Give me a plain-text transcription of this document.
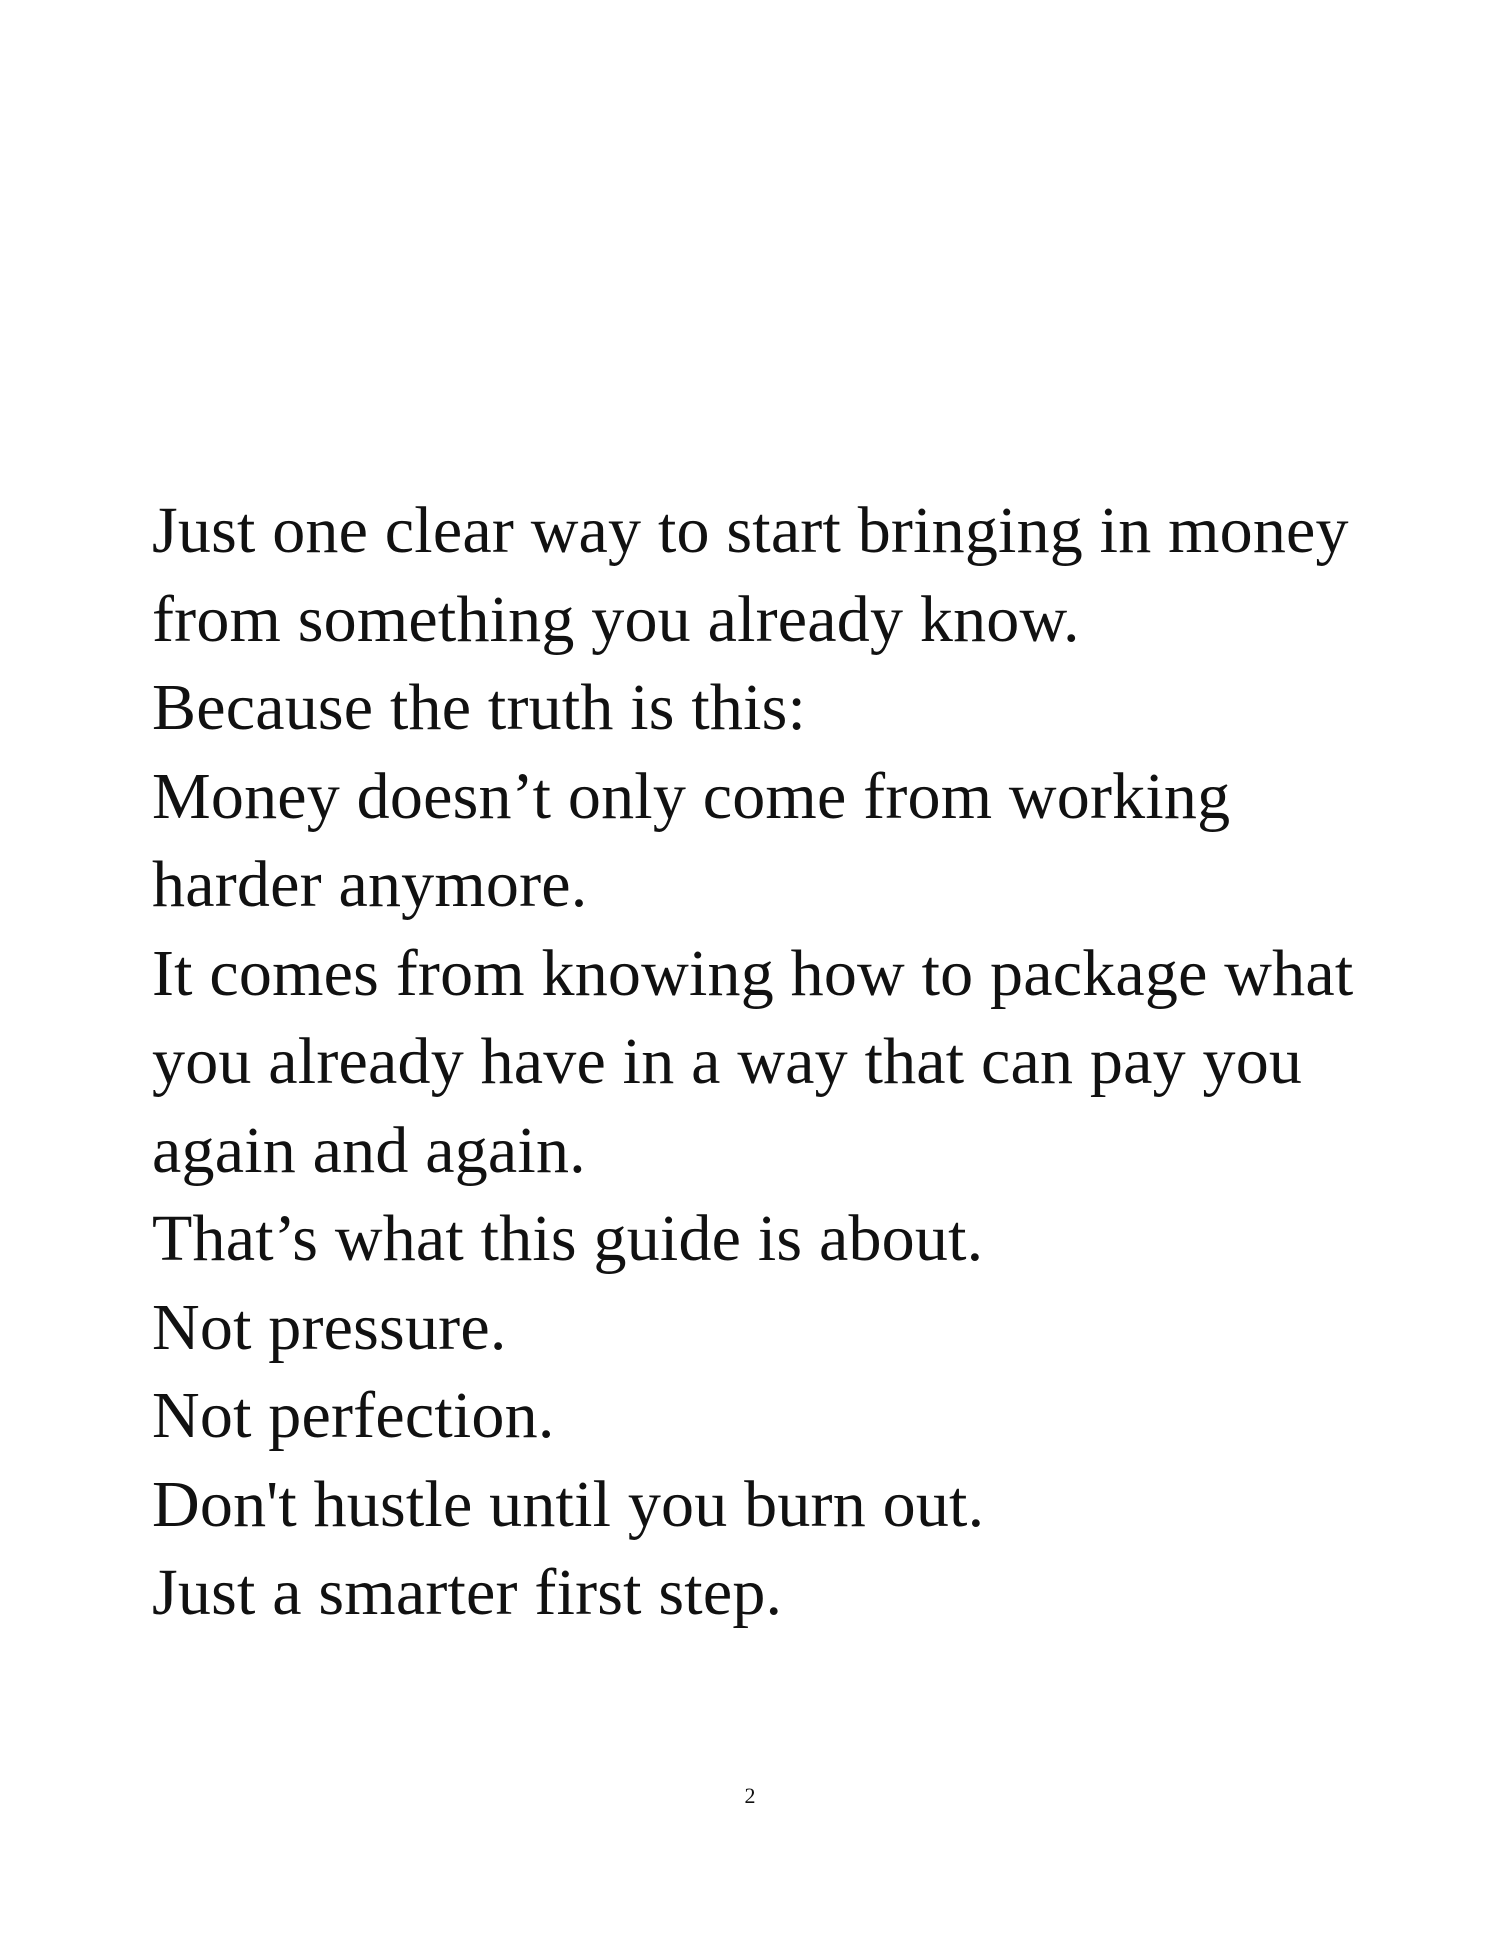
Just one clear way to start bringing in money
from something you already know.
Because the truth is this:
Money doesn’t only come from working
harder anymore.
It comes from knowing how to package what
you already have in a way that can pay you
again and again.
That’s what this guide is about.
Not pressure.
Not perfection.
Don't hustle until you burn out.
Just a smarter first step.
2
